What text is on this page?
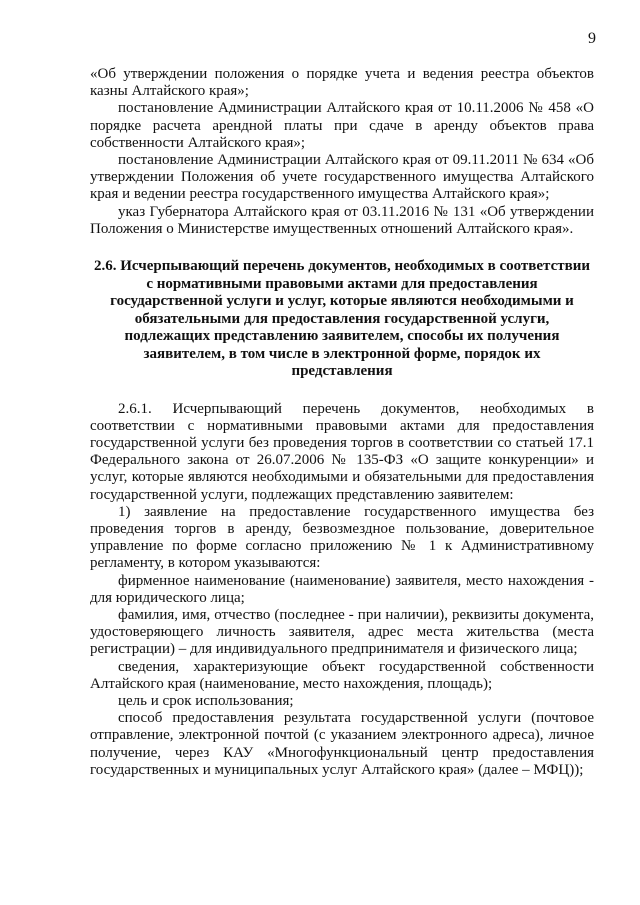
9

«Об утверждении положения о порядке учета и ведения реестра объектов казны Алтайского края»;

постановление Администрации Алтайского края от 10.11.2006 № 458 «О порядке расчета арендной платы при сдаче в аренду объектов права собственности Алтайского края»;

постановление Администрации Алтайского края от 09.11.2011 № 634 «Об утверждении Положения об учете государственного имущества Алтайского края и ведении реестра государственного имущества Алтайского края»;

указ Губернатора Алтайского края от 03.11.2016 № 131 «Об утверждении Положения о Министерстве имущественных отношений Алтайского края».

2.6. Исчерпывающий перечень документов, необходимых в соответствии
с нормативными правовыми актами для предоставления
государственной услуги и услуг, которые являются необходимыми и
обязательными для предоставления государственной услуги,
подлежащих представлению заявителем, способы их получения
заявителем, в том числе в электронной форме, порядок их
представления

2.6.1. Исчерпывающий перечень документов, необходимых в соответствии с нормативными правовыми актами для предоставления государственной услуги без проведения торгов в соответствии со статьей 17.1 Федерального закона от 26.07.2006 № 135-ФЗ «О защите конкуренции» и услуг, которые являются необходимыми и обязательными для предоставления государственной услуги, подлежащих представлению заявителем:

1) заявление на предоставление государственного имущества без проведения торгов в аренду, безвозмездное пользование, доверительное управление по форме согласно приложению № 1 к Административному регламенту, в котором указываются:

фирменное наименование (наименование) заявителя, место нахождения - для юридического лица;

фамилия, имя, отчество (последнее - при наличии), реквизиты документа, удостоверяющего личность заявителя, адрес места жительства (места регистрации) – для индивидуального предпринимателя и физического лица;

сведения, характеризующие объект государственной собственности Алтайского края (наименование, место нахождения, площадь);

цель и срок использования;

способ предоставления результата государственной услуги (почтовое отправление, электронной почтой (с указанием электронного адреса), личное получение, через КАУ «Многофункциональный центр предоставления государственных и муниципальных услуг Алтайского края» (далее – МФЦ));
